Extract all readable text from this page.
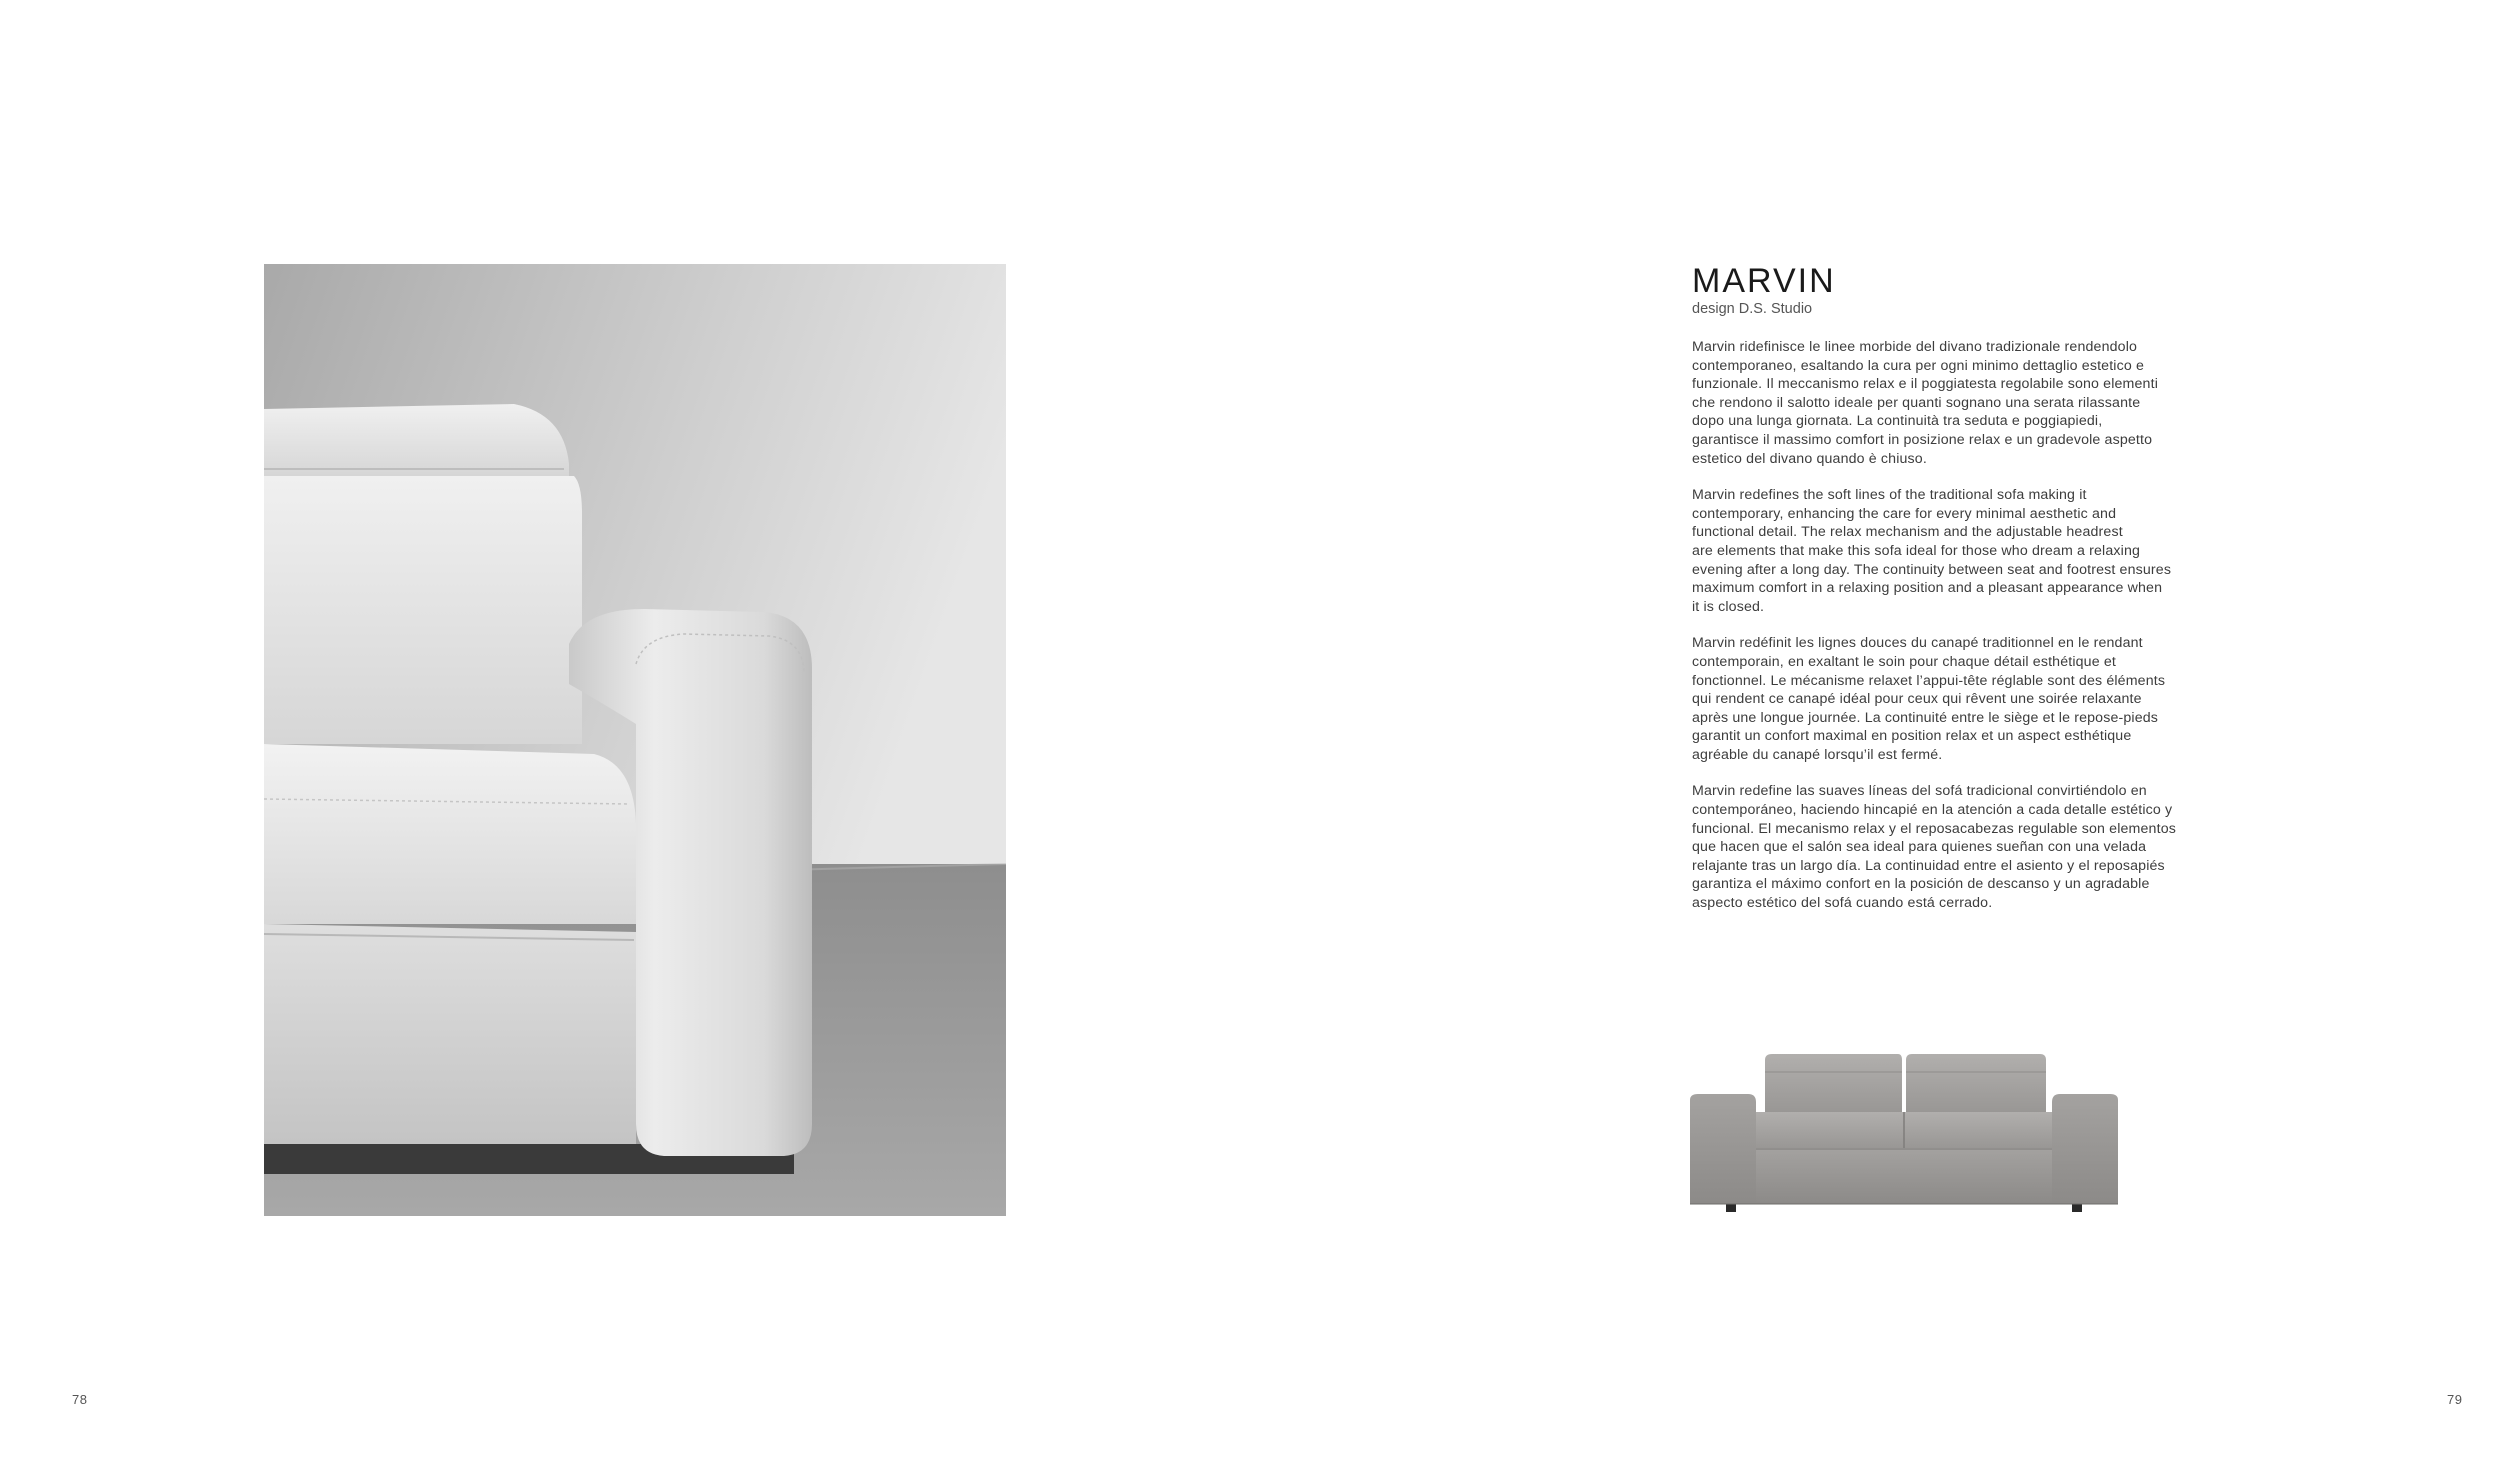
MARVIN

design D.S. Studio

Marvin ridefinisce le linee morbide del divano tradizionale rendendolo
contemporaneo, esaltando la cura per ogni minimo dettaglio estetico e
funzionale. Il meccanismo relax e il poggiatesta regolabile sono elementi
che rendono il salotto ideale per quanti sognano una serata rilassante
dopo una lunga giornata. La continuità tra seduta e poggiapiedi,
garantisce il massimo comfort in posizione relax e un gradevole aspetto
estetico del divano quando è chiuso.

Marvin redefines the soft lines of the traditional sofa making it
contemporary, enhancing the care for every minimal aesthetic and
functional detail. The relax mechanism and the adjustable headrest
are elements that make this sofa ideal for those who dream a relaxing
evening after a long day. The continuity between seat and footrest ensures
maximum comfort in a relaxing position and a pleasant appearance when
it is closed.

Marvin redéfinit les lignes douces du canapé traditionnel en le rendant
contemporain, en exaltant le soin pour chaque détail esthétique et
fonctionnel. Le mécanisme relaxet l’appui-tête réglable sont des éléments
qui rendent ce canapé idéal pour ceux qui rêvent une soirée relaxante
après une longue journée. La continuité entre le siège et le repose-pieds
garantit un confort maximal en position relax et un aspect esthétique
agréable du canapé lorsqu’il est fermé.

Marvin redefine las suaves líneas del sofá tradicional convirtiéndolo en
contemporáneo, haciendo hincapié en la atención a cada detalle estético y
funcional. El mecanismo relax y el reposacabezas regulable son elementos
que hacen que el salón sea ideal para quienes sueñan con una velada
relajante tras un largo día. La continuidad entre el asiento y el reposapiés
garantiza el máximo confort en la posición de descanso y un agradable
aspecto estético del sofá cuando está cerrado.

78	79
